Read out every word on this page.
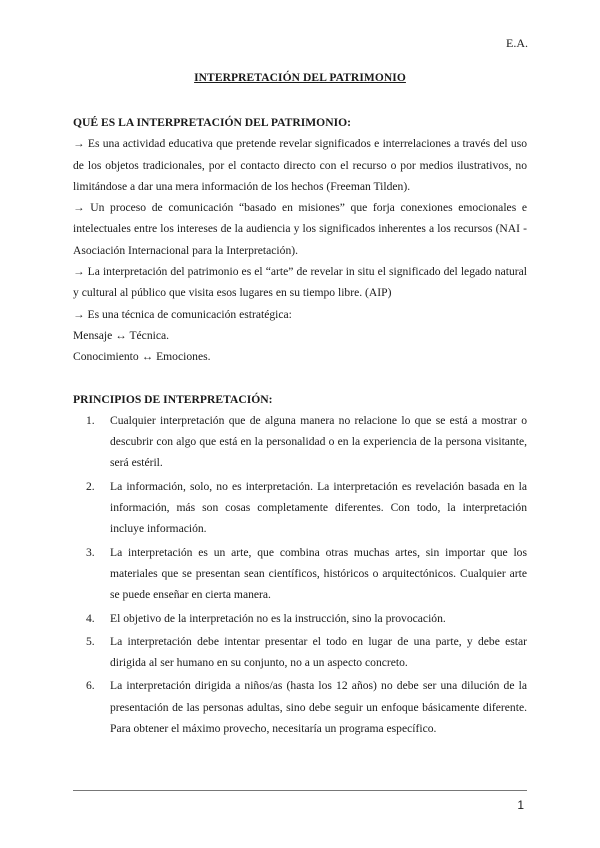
E.A.
INTERPRETACIÓN DEL PATRIMONIO
QUÉ ES LA INTERPRETACIÓN DEL PATRIMONIO:

→ Es una actividad educativa que pretende revelar significados e interrelaciones a través del uso de los objetos tradicionales, por el contacto directo con el recurso o por medios ilustrativos, no limitándose a dar una mera información de los hechos (Freeman Tilden).

→ Un proceso de comunicación “basado en misiones” que forja conexiones emocionales e intelectuales entre los intereses de la audiencia y los significados inherentes a los recursos (NAI - Asociación Internacional para la Interpretación).

→ La interpretación del patrimonio es el “arte” de revelar in situ el significado del legado natural y cultural al público que visita esos lugares en su tiempo libre. (AIP)

→ Es una técnica de comunicación estratégica:

Mensaje ↔ Técnica.

Conocimiento ↔ Emociones.

PRINCIPIOS DE INTERPRETACIÓN:
1. Cualquier interpretación que de alguna manera no relacione lo que se está a mostrar o descubrir con algo que está en la personalidad o en la experiencia de la persona visitante, será estéril.
2. La información, solo, no es interpretación. La interpretación es revelación basada en la información, más son cosas completamente diferentes. Con todo, la interpretación incluye información.
3. La interpretación es un arte, que combina otras muchas artes, sin importar que los materiales que se presentan sean científicos, históricos o arquitectónicos. Cualquier arte se puede enseñar en cierta manera.
4. El objetivo de la interpretación no es la instrucción, sino la provocación.
5. La interpretación debe intentar presentar el todo en lugar de una parte, y debe estar dirigida al ser humano en su conjunto, no a un aspecto concreto.
6. La interpretación dirigida a niños/as (hasta los 12 años) no debe ser una dilución de la presentación de las personas adultas, sino debe seguir un enfoque básicamente diferente. Para obtener el máximo provecho, necesitaría un programa específico.
1
